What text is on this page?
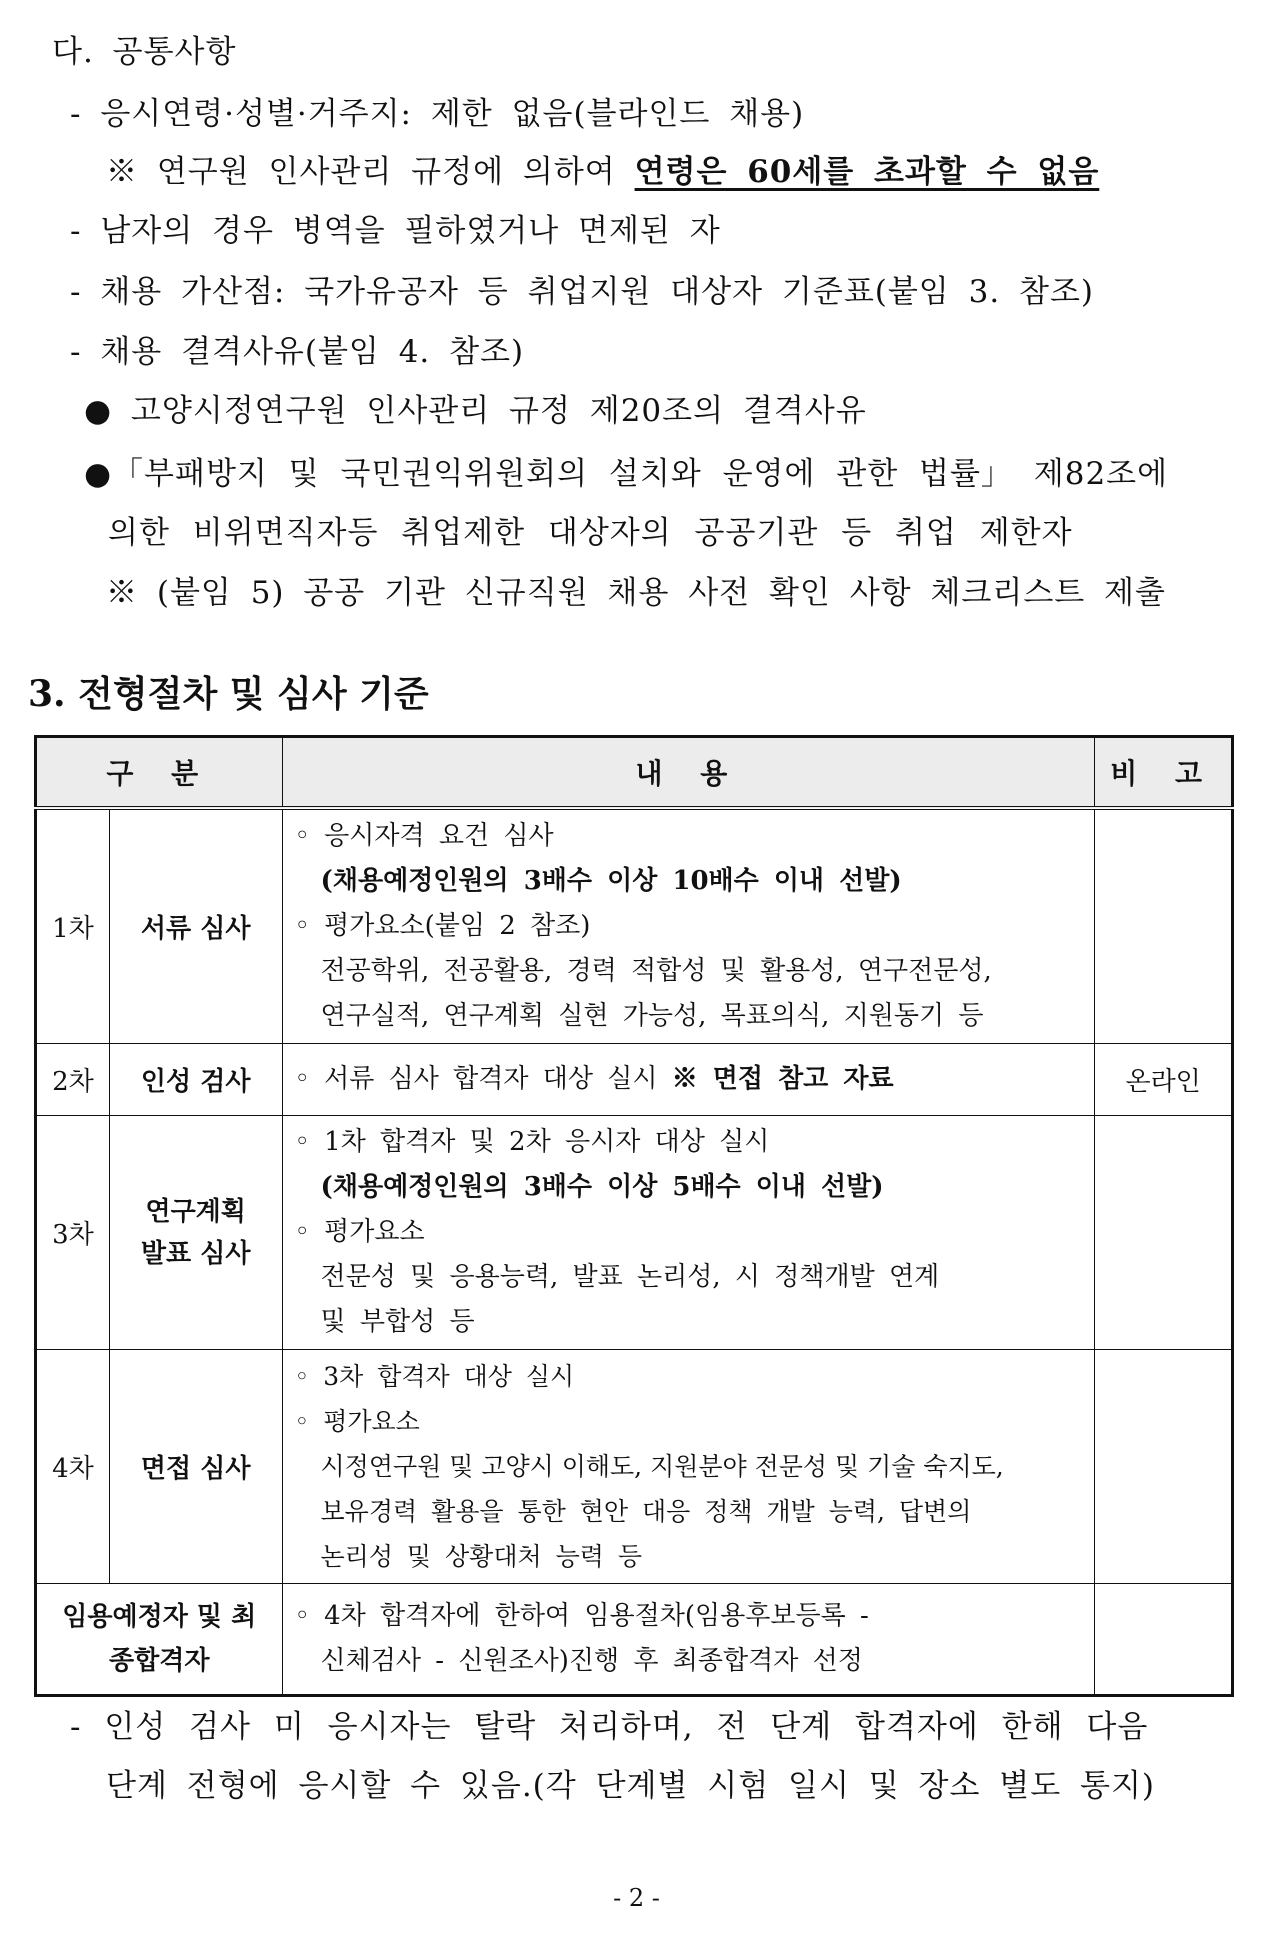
다. 공통사항
- 응시연령·성별·거주지: 제한 없음(블라인드 채용)
※ 연구원 인사관리 규정에 의하여 연령은 60세를 초과할 수 없음
- 남자의 경우 병역을 필하였거나 면제된 자
- 채용 가산점: 국가유공자 등 취업지원 대상자 기준표(붙임 3. 참조)
- 채용 결격사유(붙임 4. 참조)
● 고양시정연구원 인사관리 규정 제20조의 결격사유
●「부패방지 및 국민권익위원회의 설치와 운영에 관한 법률」 제82조에
의한 비위면직자등 취업제한 대상자의 공공기관 등 취업 제한자
※ (붙임 5) 공공 기관 신규직원 채용 사전 확인 사항 체크리스트 제출
3. 전형절차 및 심사 기준
구 분		내 용	비 고
1차	서류 심사	◦ 응시자격 요건 심사

(채용예정인원의 3배수 이상 10배수 이내 선발)
◦ 평가요소(붙임 2 참조)

전공학위, 전공활용, 경력 적합성 및 활용성, 연구전문성,
연구실적, 연구계획 실현 가능성, 목표의식, 지원동기 등	

2차	인성 검사	◦ 서류 심사 합격자 대상 실시 ※ 면접 참고 자료	온라인
3차	연구계획 발표 심사	◦ 1차 합격자 및 2차 응시자 대상 실시

(채용예정인원의 3배수 이상 5배수 이내 선발)
◦ 평가요소

전문성 및 응용능력, 발표 논리성, 시 정책개발 연계
및 부합성 등	

4차	면접 심사	◦ 3차 합격자 대상 실시
◦ 평가요소

시정연구원 및 고양시 이해도, 지원분야 전문성 및 기술 숙지도,
보유경력 활용을 통한 현안 대응 정책 개발 능력, 답변의
논리성 및 상황대처 능력 등	

임용예정자 및 최종합격자		◦ 4차 합격자에 한하여 임용절차(임용후보등록 -

신체검사 - 신원조사)진행 후 최종합격자 선정	

- 인성 검사 미 응시자는 탈락 처리하며, 전 단계 합격자에 한해 다음
단계 전형에 응시할 수 있음.(각 단계별 시험 일시 및 장소 별도 통지)
- 2 -
